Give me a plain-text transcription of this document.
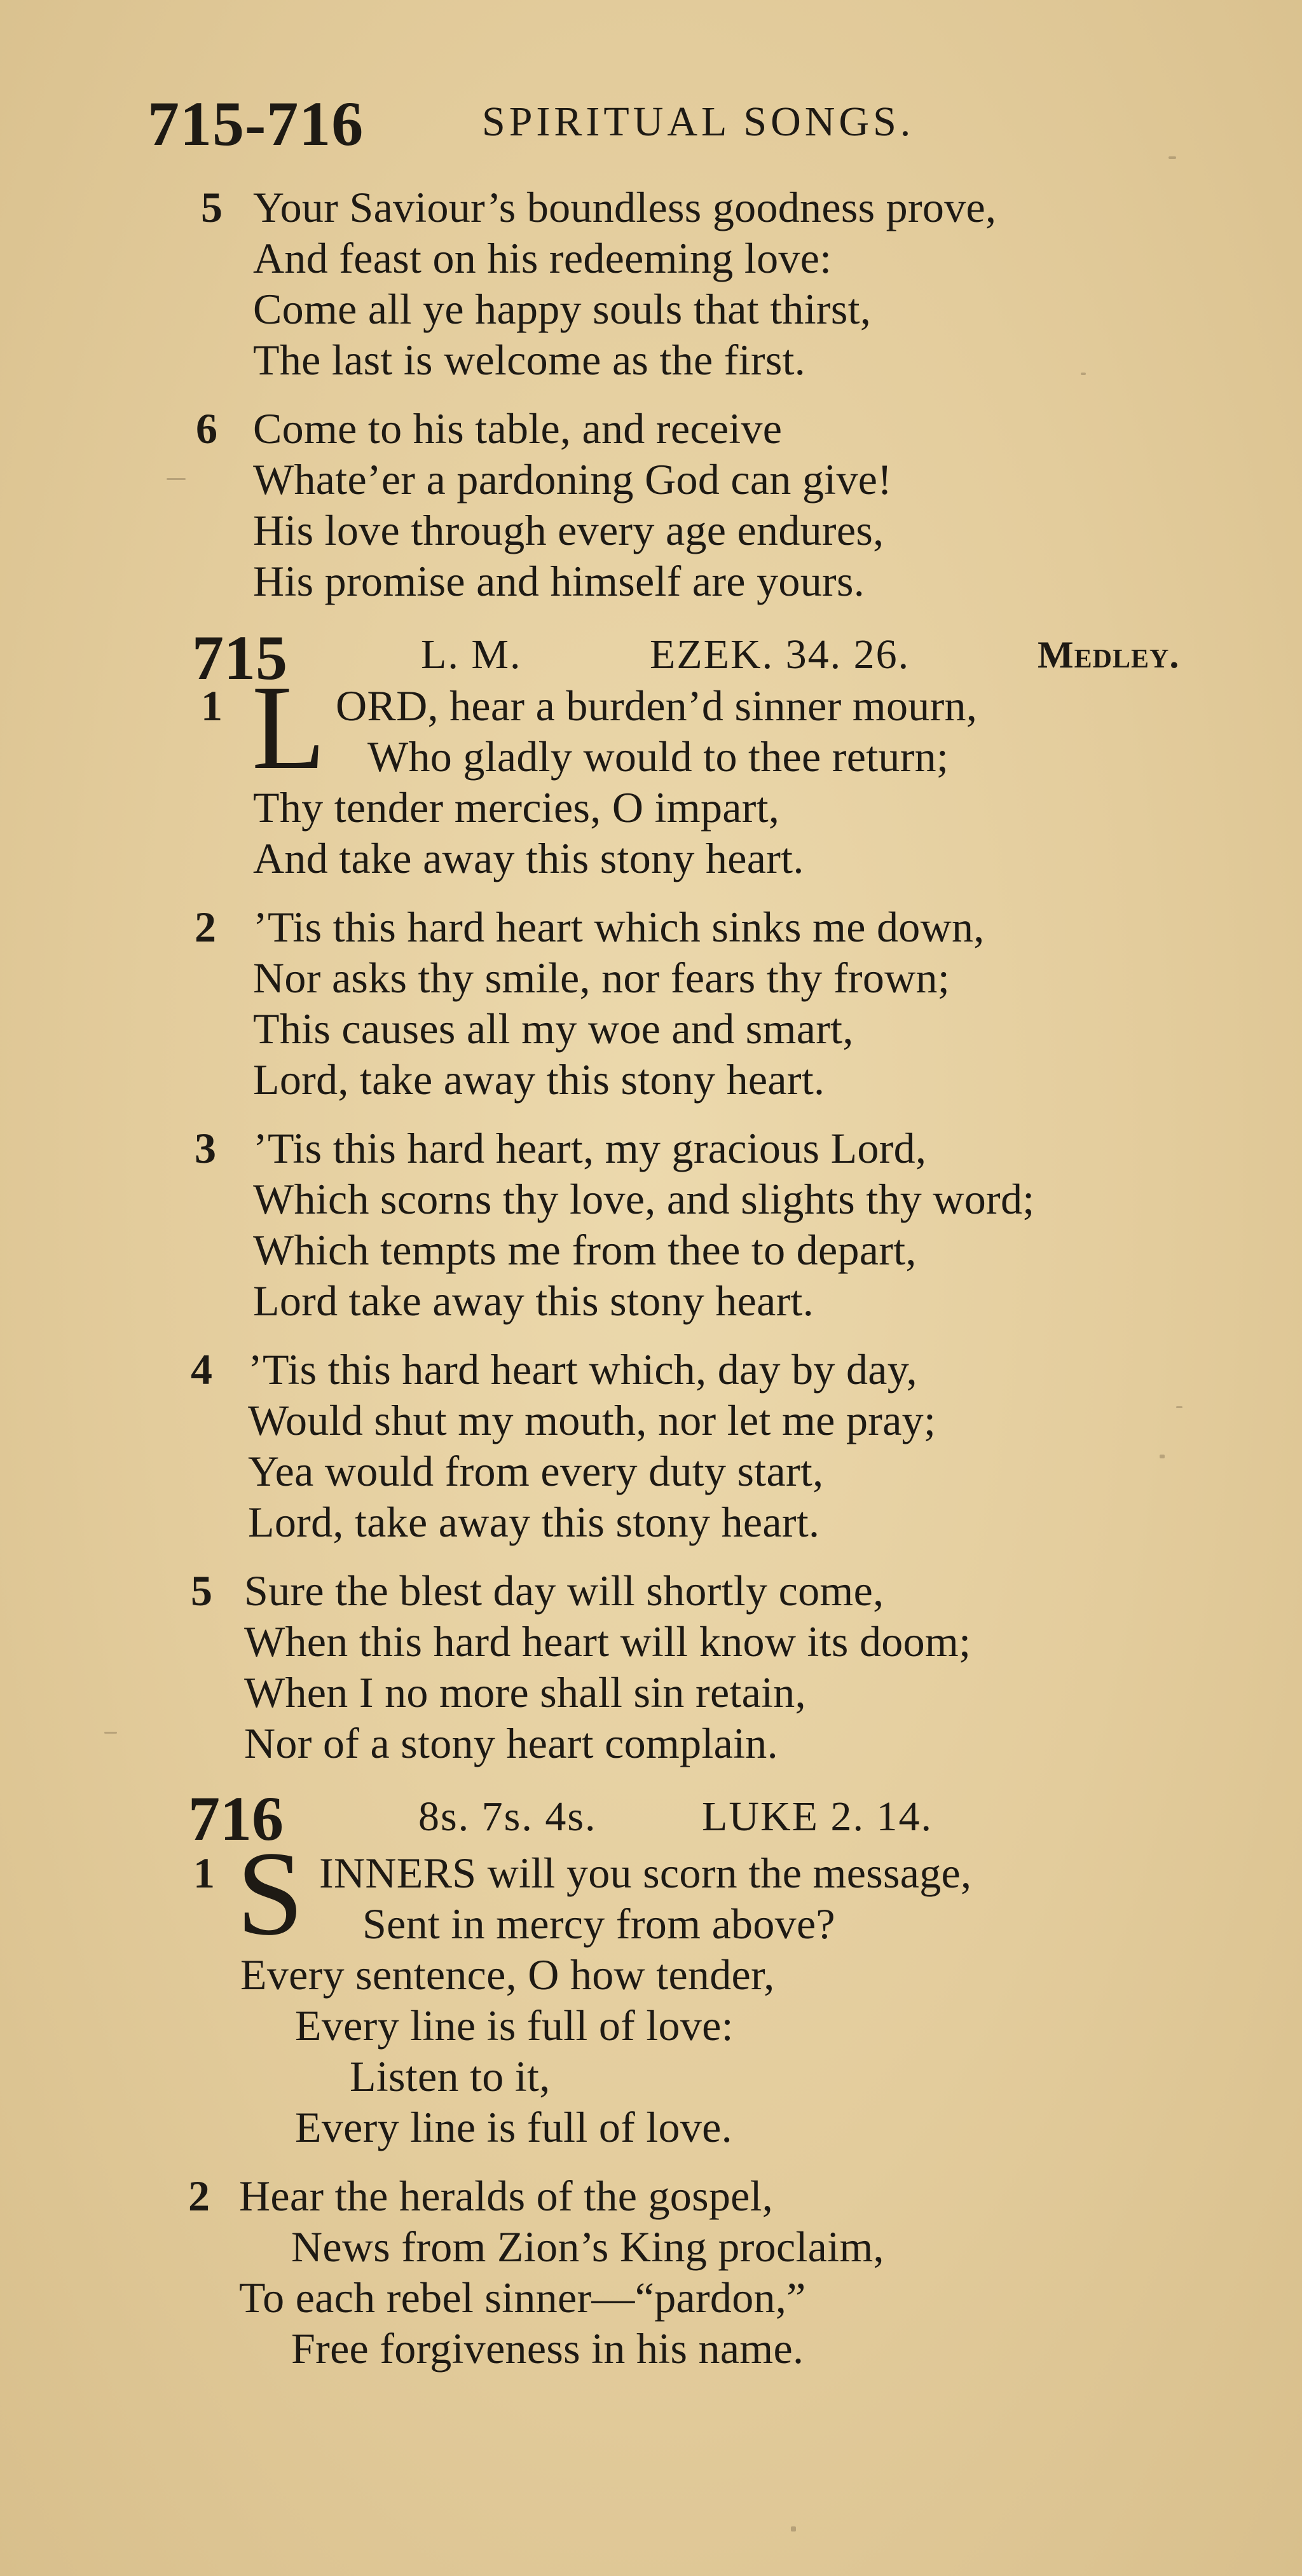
715-716	SPIRITUAL SONGS.
5 Your Saviour’s boundless goodness prove,
And feast on his redeeming love:
Come all ye happy souls that thirst,
The last is welcome as the first.
6 Come to his table, and receive
Whate’er a pardoning God can give!
His love through every age endures,
His promise and himself are yours.
715	L. M.	EZEK. 34. 26.	Medley.
1 L ORD, hear a burden’d sinner mourn,
Who gladly would to thee return;
Thy tender mercies, O impart,
And take away this stony heart.
2 ’Tis this hard heart which sinks me down,
Nor asks thy smile, nor fears thy frown;
This causes all my woe and smart,
Lord, take away this stony heart.
3 ’Tis this hard heart, my gracious Lord,
Which scorns thy love, and slights thy word;
Which tempts me from thee to depart,
Lord take away this stony heart.
4 ’Tis this hard heart which, day by day,
Would shut my mouth, nor let me pray;
Yea would from every duty start,
Lord, take away this stony heart.
5 Sure the blest day will shortly come,
When this hard heart will know its doom;
When I no more shall sin retain,
Nor of a stony heart complain.
716	8s. 7s. 4s.	LUKE 2. 14.
1 S INNERS will you scorn the message,
Sent in mercy from above?
Every sentence, O how tender,
Every line is full of love:
Listen to it,
Every line is full of love.
2 Hear the heralds of the gospel,
News from Zion’s King proclaim,
To each rebel sinner—“pardon,”
Free forgiveness in his name.
